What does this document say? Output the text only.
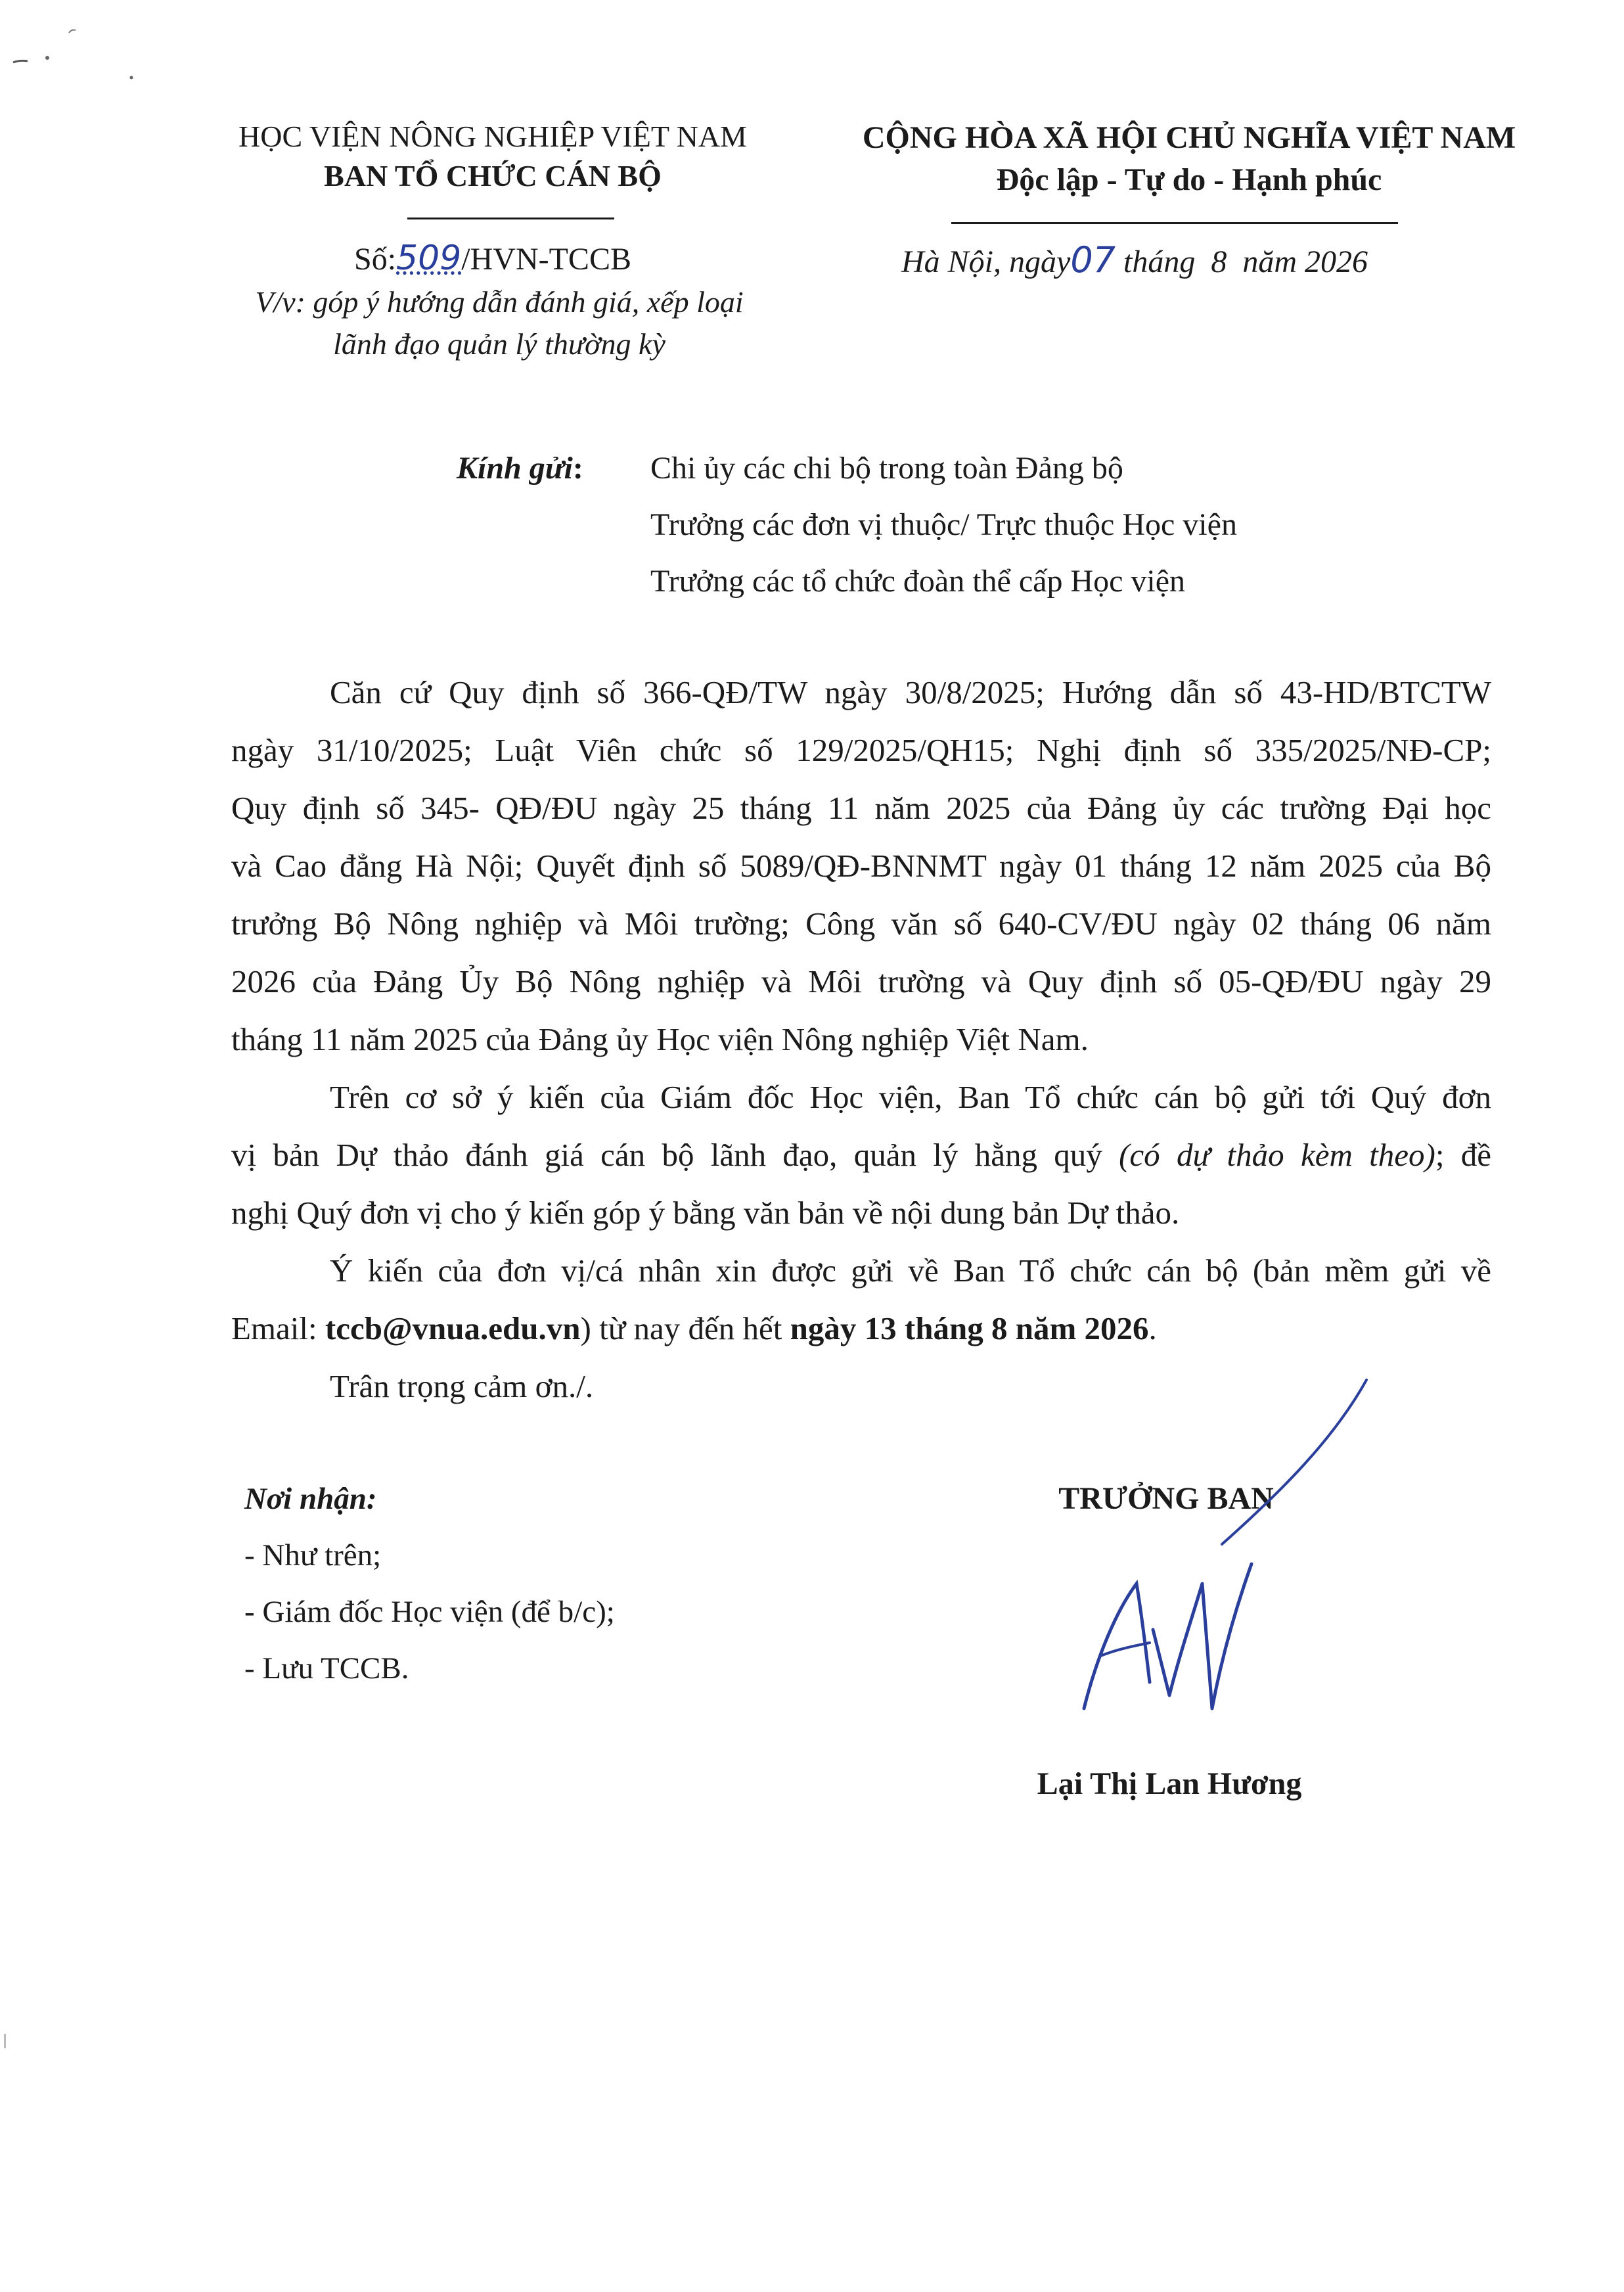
HỌC VIỆN NÔNG NGHIỆP VIỆT NAM
BAN TỔ CHỨC CÁN BỘ
Số:509/HVN-TCCB
V/v: góp ý hướng dẫn đánh giá, xếp loại
lãnh đạo quản lý thường kỳ
CỘNG HÒA XÃ HỘI CHỦ NGHĨA VIỆT NAM
Độc lập - Tự do - Hạnh phúc
Hà Nội, ngày07 tháng  8  năm 2026
Kính gửi: Chi ủy các chi bộ trong toàn Đảng bộ
Trưởng các đơn vị thuộc/ Trực thuộc Học viện
Trưởng các tổ chức đoàn thể cấp Học viện
Căn cứ Quy định số 366-QĐ/TW ngày 30/8/2025; Hướng dẫn số 43-HD/BTCTW
ngày 31/10/2025; Luật Viên chức số 129/2025/QH15; Nghị định số 335/2025/NĐ-CP;
Quy định số 345- QĐ/ĐU ngày 25 tháng 11 năm 2025 của Đảng ủy các trường Đại học
và Cao đẳng Hà Nội; Quyết định số 5089/QĐ-BNNMT ngày 01 tháng 12 năm 2025 của Bộ
trưởng Bộ Nông nghiệp và Môi trường; Công văn số 640-CV/ĐU ngày 02 tháng 06 năm
2026 của Đảng Ủy Bộ Nông nghiệp và Môi trường và Quy định số 05-QĐ/ĐU ngày 29
tháng 11 năm 2025 của Đảng ủy Học viện Nông nghiệp Việt Nam.
Trên cơ sở ý kiến của Giám đốc Học viện, Ban Tổ chức cán bộ gửi tới Quý đơn
vị bản Dự thảo đánh giá cán bộ lãnh đạo, quản lý hằng quý (có dự thảo kèm theo); đề
nghị Quý đơn vị cho ý kiến góp ý bằng văn bản về nội dung bản Dự thảo.
Ý kiến của đơn vị/cá nhân xin được gửi về Ban Tổ chức cán bộ (bản mềm gửi về
Email: tccb@vnua.edu.vn) từ nay đến hết ngày 13 tháng 8 năm 2026.
Trân trọng cảm ơn./.
Nơi nhận:
- Như trên;
- Giám đốc Học viện (để b/c);
- Lưu TCCB.
TRƯỞNG BAN
Lại Thị Lan Hương
